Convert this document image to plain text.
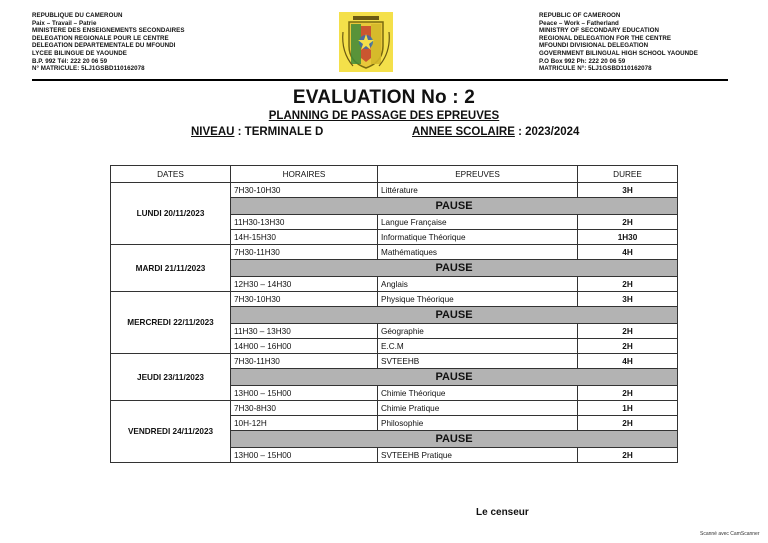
REPUBLIQUE DU CAMEROUN
Paix – Travail – Patrie
MINISTERE DES ENSEIGNEMENTS SECONDAIRES
DELEGATION REGIONALE POUR LE CENTRE
DELEGATION DEPARTEMENTALE DU MFOUNDI
LYCEE BILINGUE DE YAOUNDE
B.P. 992 Tél: 222 20 06 59
N° MATRICULE: 5LJ1GSBD110162078
REPUBLIC OF CAMEROON
Peace – Work – Fatherland
MINISTRY OF SECONDARY EDUCATION
REGIONAL DELEGATION FOR THE CENTRE
MFOUNDI DIVISIONAL DELEGATION
GOVERNMENT BILINGUAL HIGH SCHOOL YAOUNDE
P.O Box 992 Ph: 222 20 06 59
MATRICULE N°: 5LJ1GSBD110162078
EVALUATION No : 2
PLANNING DE PASSAGE DES EPREUVES
NIVEAU : TERMINALE D	ANNEE SCOLAIRE : 2023/2024
DATES	HORAIRES	EPREUVES	DUREE
LUNDI 20/11/2023	7H30-10H30	Littérature	3H
	PAUSE		
	11H30-13H30	Langue Française	2H
	14H-15H30	Informatique Théorique	1H30
MARDI 21/11/2023	7H30-11H30	Mathématiques	4H
	PAUSE		
	12H30 – 14H30	Anglais	2H
MERCREDI 22/11/2023	7H30-10H30	Physique Théorique	3H
	PAUSE		
	11H30 – 13H30	Géographie	2H
	14H00 – 16H00	E.C.M	2H
JEUDI 23/11/2023	7H30-11H30	SVTEEHB	4H
	PAUSE		
	13H00 – 15H00	Chimie Théorique	2H
VENDREDI 24/11/2023	7H30-8H30	Chimie Pratique	1H
	10H-12H	Philosophie	2H
	PAUSE		
	13H00 – 15H00	SVTEEHB Pratique	2H
Le censeur
Scanné avec CamScanner
